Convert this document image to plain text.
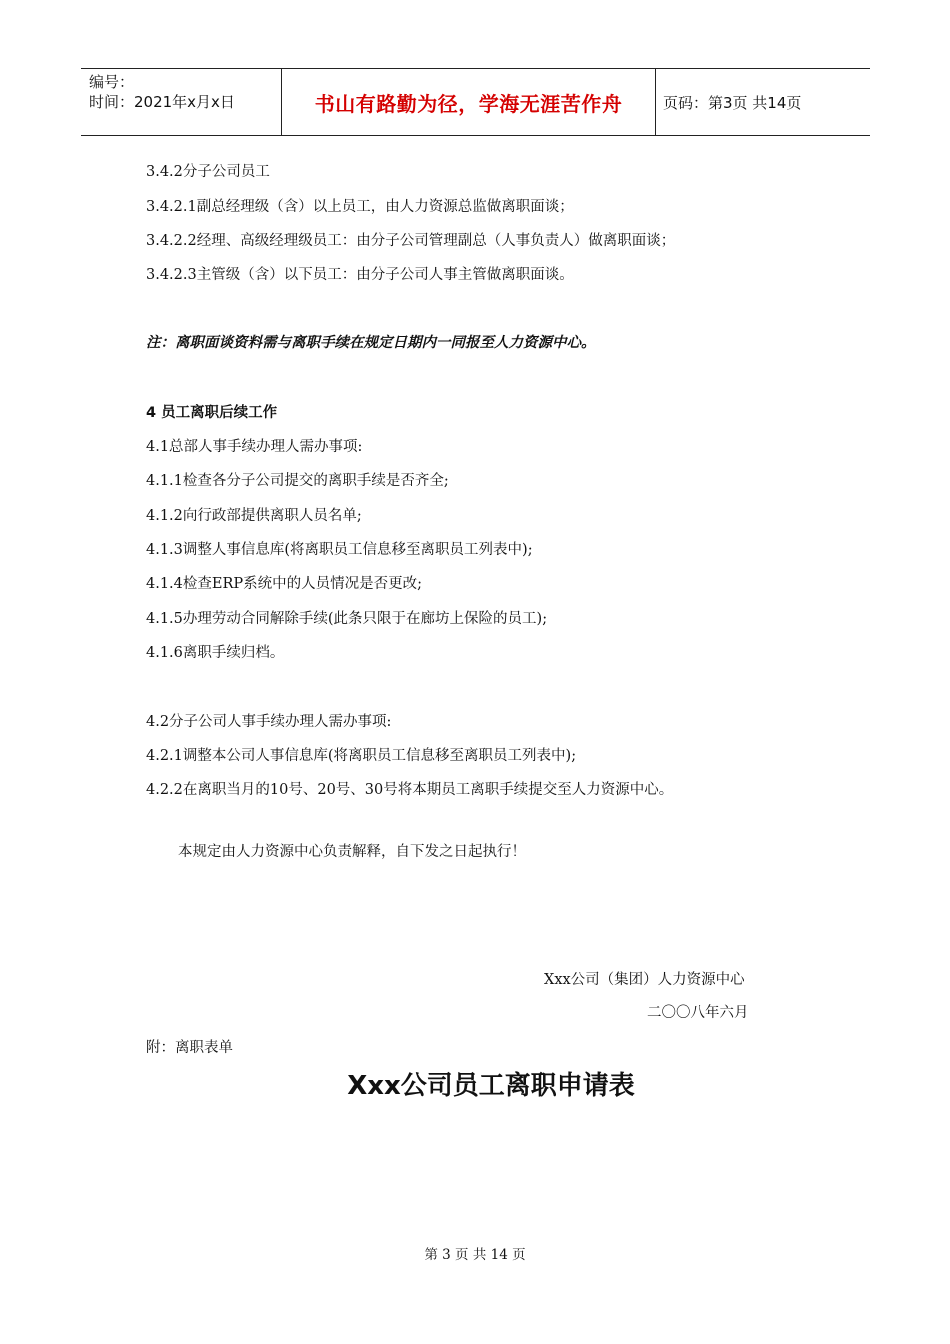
编号：
时间：2021年x月x日	书山有路勤为径，学海无涯苦作舟	页码：第3页 共14页
3.4.2分子公司员工
3.4.2.1副总经理级（含）以上员工，由人力资源总监做离职面谈；
3.4.2.2经理、高级经理级员工：由分子公司管理副总（人事负责人）做离职面谈；
3.4.2.3主管级（含）以下员工：由分子公司人事主管做离职面谈。
注：离职面谈资料需与离职手续在规定日期内一同报至人力资源中心。
4 员工离职后续工作
4.1总部人事手续办理人需办事项:
4.1.1检查各分子公司提交的离职手续是否齐全;
4.1.2向行政部提供离职人员名单;
4.1.3调整人事信息库(将离职员工信息移至离职员工列表中);
4.1.4检查ERP系统中的人员情况是否更改;
4.1.5办理劳动合同解除手续(此条只限于在廊坊上保险的员工);
4.1.6离职手续归档。
4.2分子公司人事手续办理人需办事项:
4.2.1调整本公司人事信息库(将离职员工信息移至离职员工列表中);
4.2.2在离职当月的10号、20号、30号将本期员工离职手续提交至人力资源中心。
本规定由人力资源中心负责解释，自下发之日起执行！
Xxx公司（集团）人力资源中心
二〇〇八年六月
附：离职表单
Xxx公司员工离职申请表
第 3 页 共 14 页
